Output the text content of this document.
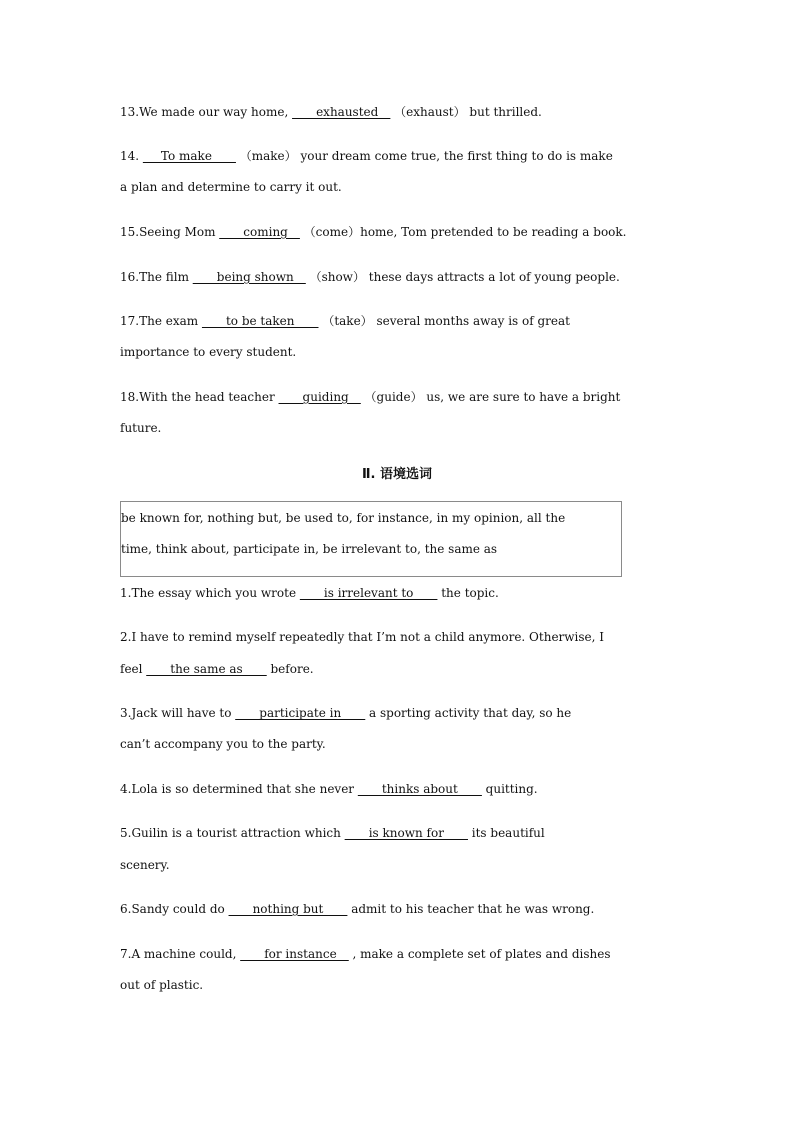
13.We made our way home, ____exhausted__ （exhaust） but thrilled.
14. ___To make____ （make） your dream come true, the first thing to do is make
a plan and determine to carry it out.
15.Seeing Mom ____coming__ （come）home, Tom pretended to be reading a book.
16.The film ____being shown__ （show） these days attracts a lot of young people.
17.The exam ____to be taken____ （take） several months away is of great
importance to every student.
18.With the head teacher ____guiding__ （guide） us, we are sure to have a bright
future.
Ⅱ. 语境选词
be known for, nothing but, be used to, for instance, in my opinion, all the
time, think about, participate in, be irrelevant to, the same as
1.The essay which you wrote ____is irrelevant to____ the topic.
2.I have to remind myself repeatedly that I’m not a child anymore. Otherwise, I
feel ____the same as____ before.
3.Jack will have to ____participate in____ a sporting activity that day, so he
can’t accompany you to the party.
4.Lola is so determined that she never ____thinks about____ quitting.
5.Guilin is a tourist attraction which ____is known for____ its beautiful
scenery.
6.Sandy could do ____nothing but____ admit to his teacher that he was wrong.
7.A machine could, ____for instance__ , make a complete set of plates and dishes
out of plastic.
